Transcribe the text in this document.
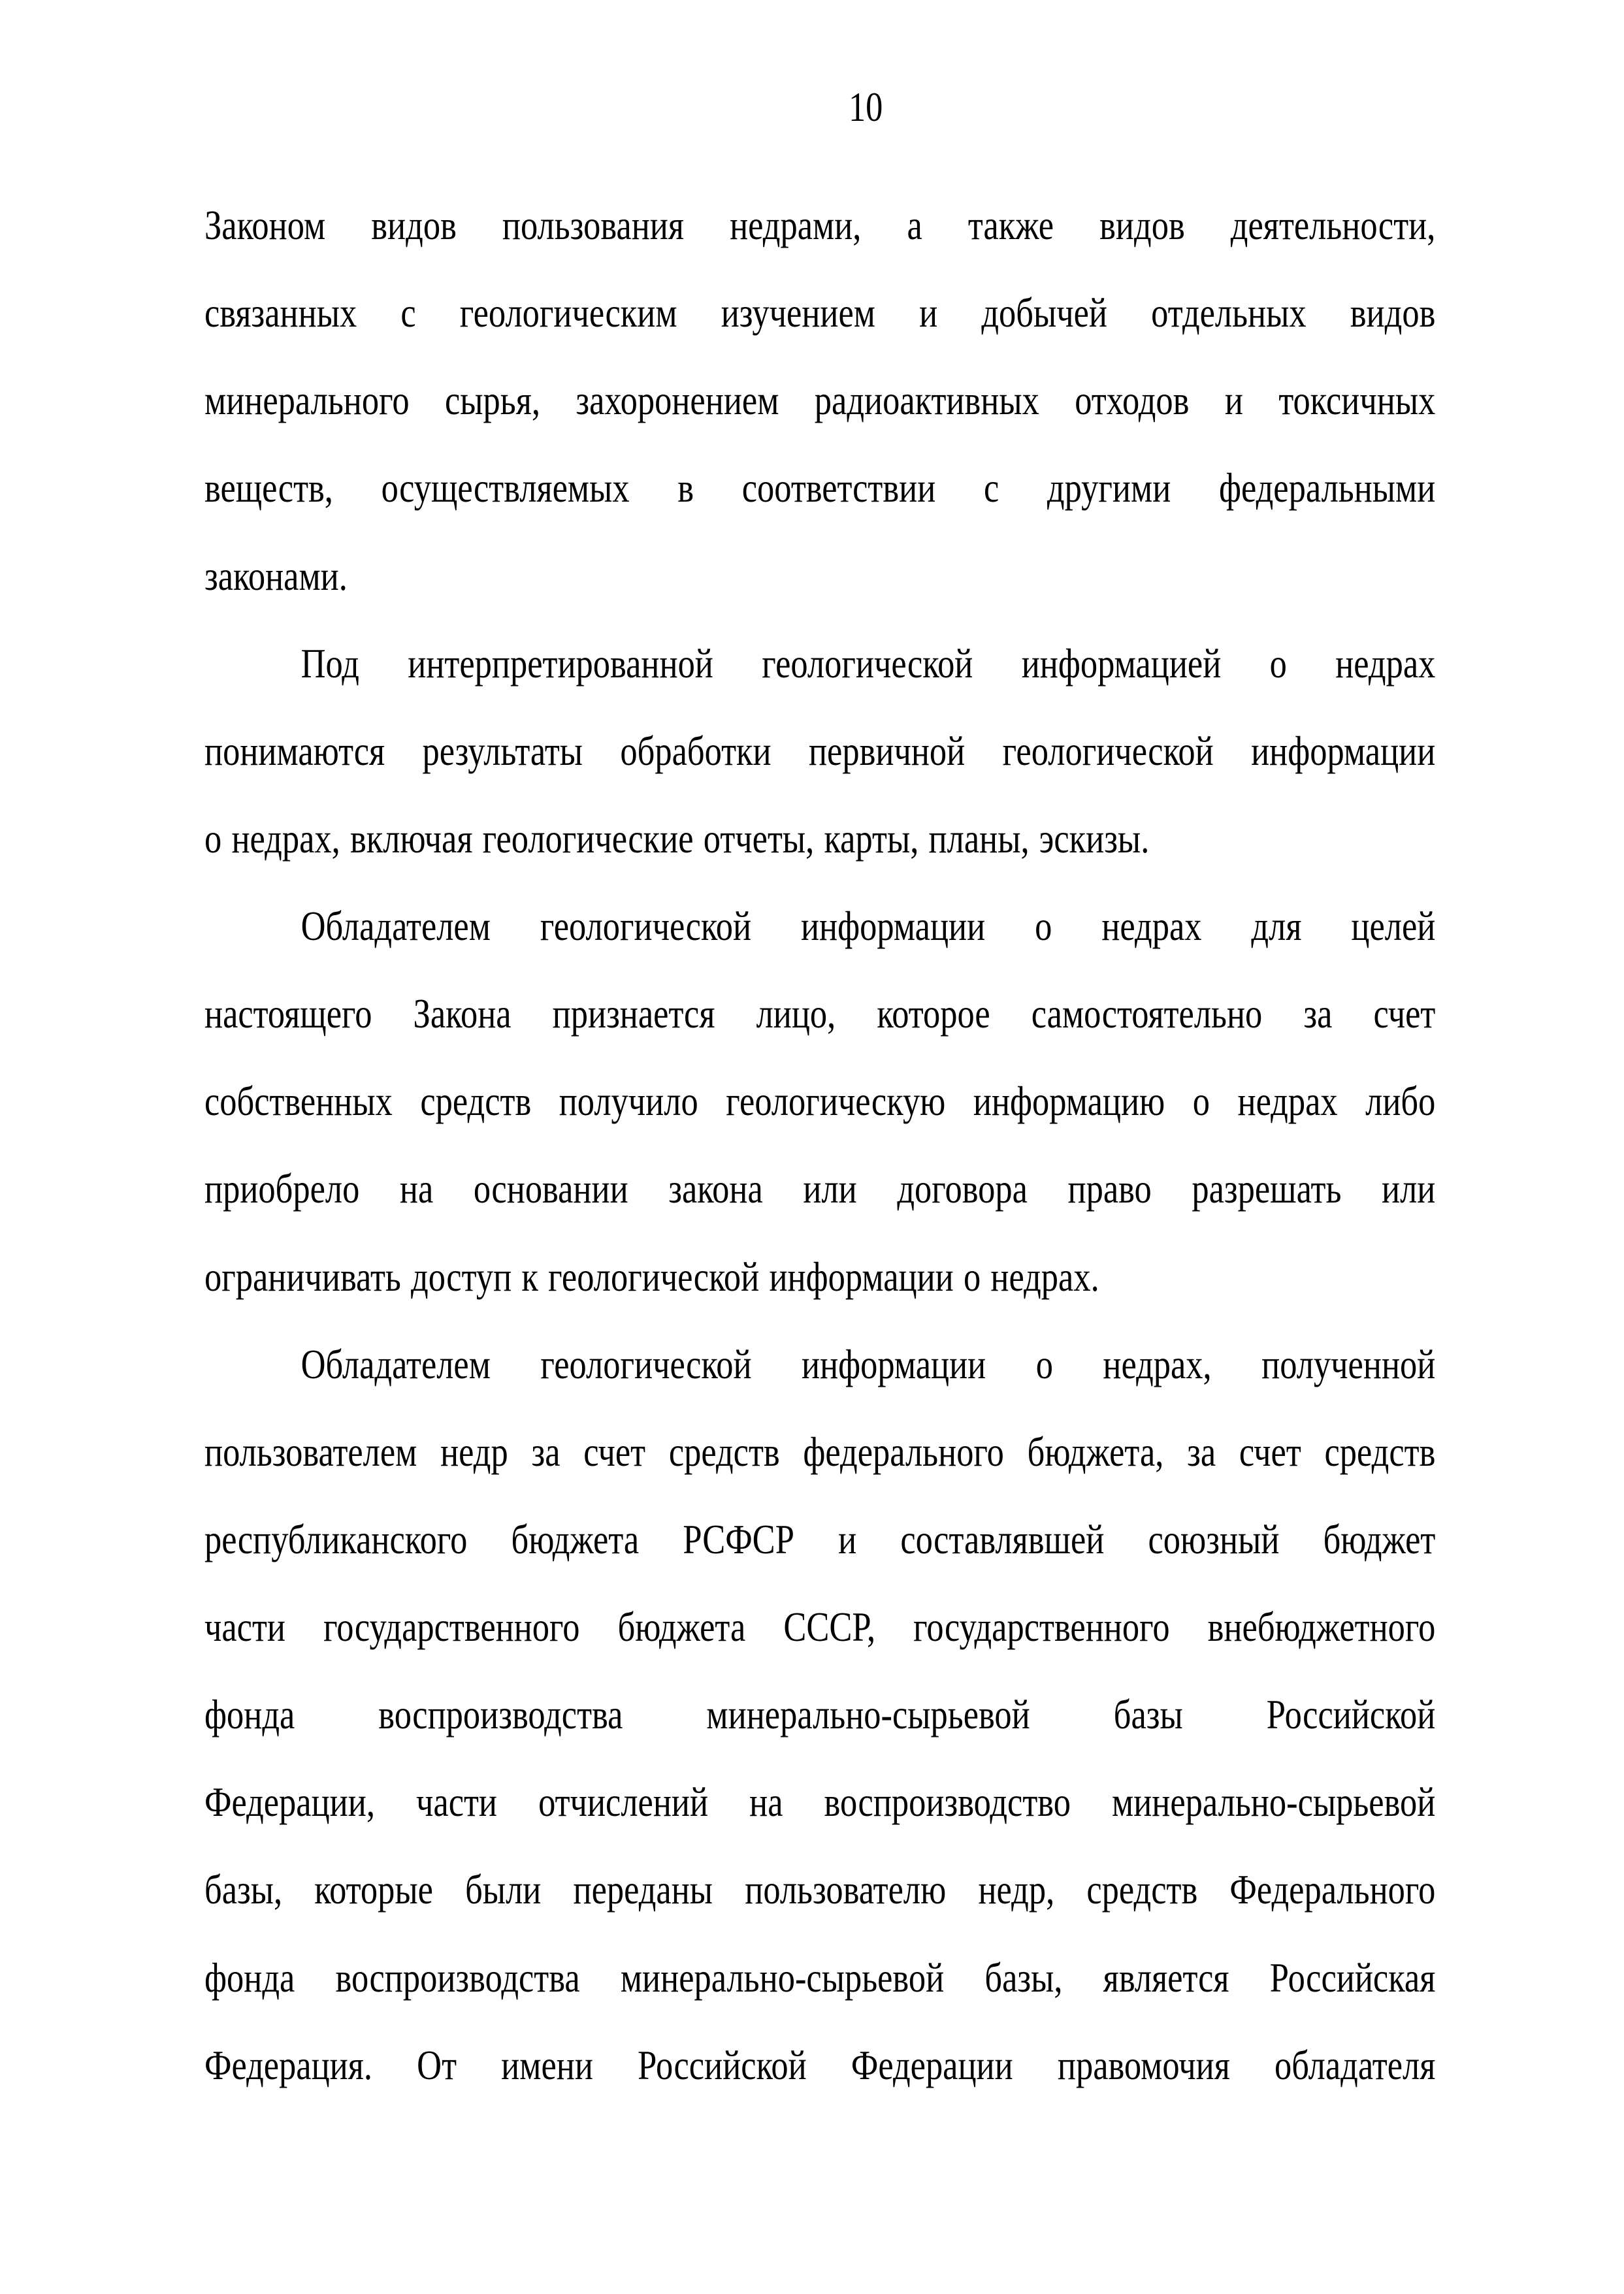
10
Законом видов пользования недрами, а также видов деятельности,
связанных с геологическим изучением и добычей отдельных видов
минерального сырья, захоронением радиоактивных отходов и токсичных
веществ, осуществляемых в соответствии с другими федеральными
законами.
Под интерпретированной геологической информацией о недрах
понимаются результаты обработки первичной геологической информации
о недрах, включая геологические отчеты, карты, планы, эскизы.
Обладателем геологической информации о недрах для целей
настоящего Закона признается лицо, которое самостоятельно за счет
собственных средств получило геологическую информацию о недрах либо
приобрело на основании закона или договора право разрешать или
ограничивать доступ к геологической информации о недрах.
Обладателем геологической информации о недрах, полученной
пользователем недр за счет средств федерального бюджета, за счет средств
республиканского бюджета РСФСР и составлявшей союзный бюджет
части государственного бюджета СССР, государственного внебюджетного
фонда воспроизводства минерально-сырьевой базы Российской
Федерации, части отчислений на воспроизводство минерально-сырьевой
базы, которые были переданы пользователю недр, средств Федерального
фонда воспроизводства минерально-сырьевой базы, является Российская
Федерация. От имени Российской Федерации правомочия обладателя
